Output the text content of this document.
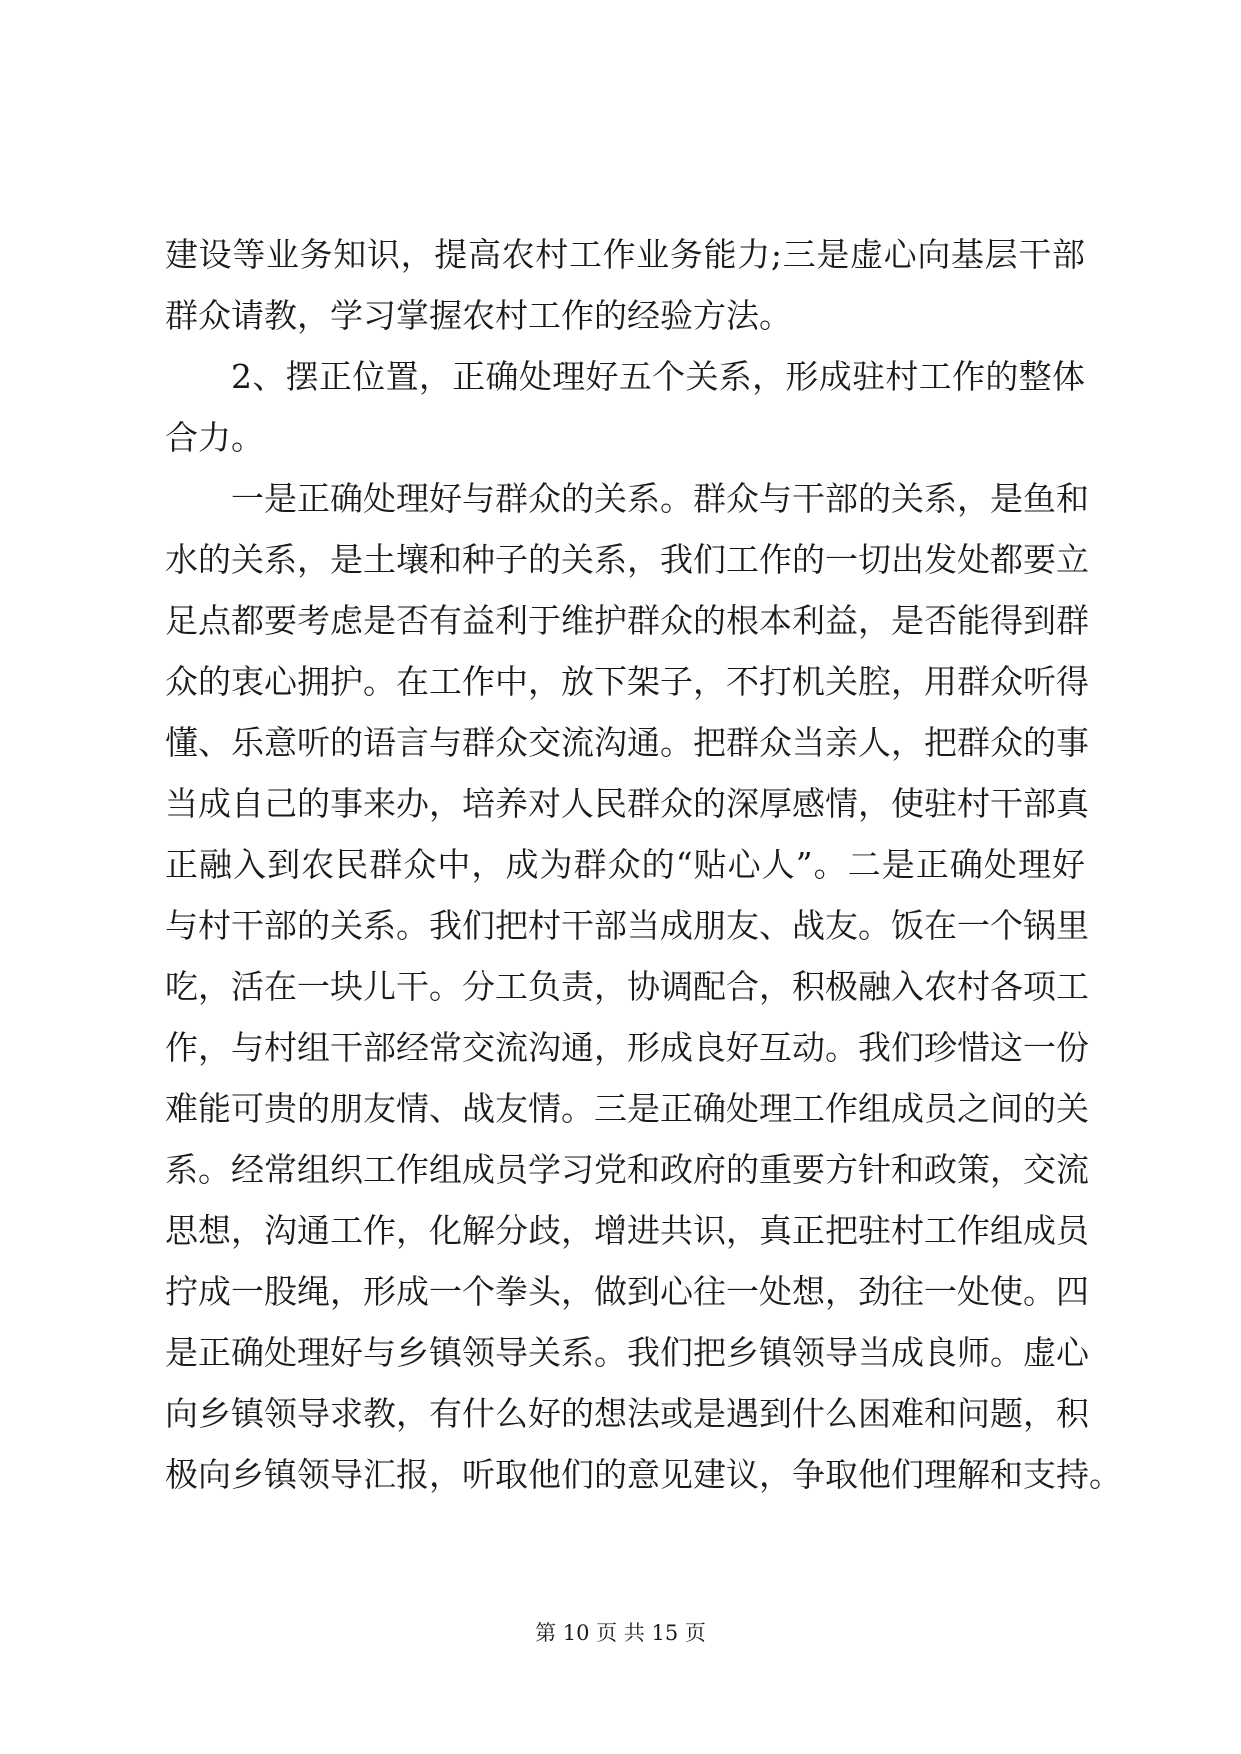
建设等业务知识，提高农村工作业务能力;三是虚心向基层干部
群众请教，学习掌握农村工作的经验方法。
2、摆正位置，正确处理好五个关系，形成驻村工作的整体
合力。
一是正确处理好与群众的关系。群众与干部的关系，是鱼和
水的关系，是土壤和种子的关系，我们工作的一切出发处都要立
足点都要考虑是否有益利于维护群众的根本利益，是否能得到群
众的衷心拥护。在工作中，放下架子，不打机关腔，用群众听得
懂、乐意听的语言与群众交流沟通。把群众当亲人，把群众的事
当成自己的事来办，培养对人民群众的深厚感情，使驻村干部真
正融入到农民群众中，成为群众的“贴心人”。二是正确处理好
与村干部的关系。我们把村干部当成朋友、战友。饭在一个锅里
吃，活在一块儿干。分工负责，协调配合，积极融入农村各项工
作，与村组干部经常交流沟通，形成良好互动。我们珍惜这一份
难能可贵的朋友情、战友情。三是正确处理工作组成员之间的关
系。经常组织工作组成员学习党和政府的重要方针和政策，交流
思想，沟通工作，化解分歧，增进共识，真正把驻村工作组成员
拧成一股绳，形成一个拳头，做到心往一处想，劲往一处使。四
是正确处理好与乡镇领导关系。我们把乡镇领导当成良师。虚心
向乡镇领导求教，有什么好的想法或是遇到什么困难和问题，积
极向乡镇领导汇报，听取他们的意见建议，争取他们理解和支持。
第 10 页 共 15 页
